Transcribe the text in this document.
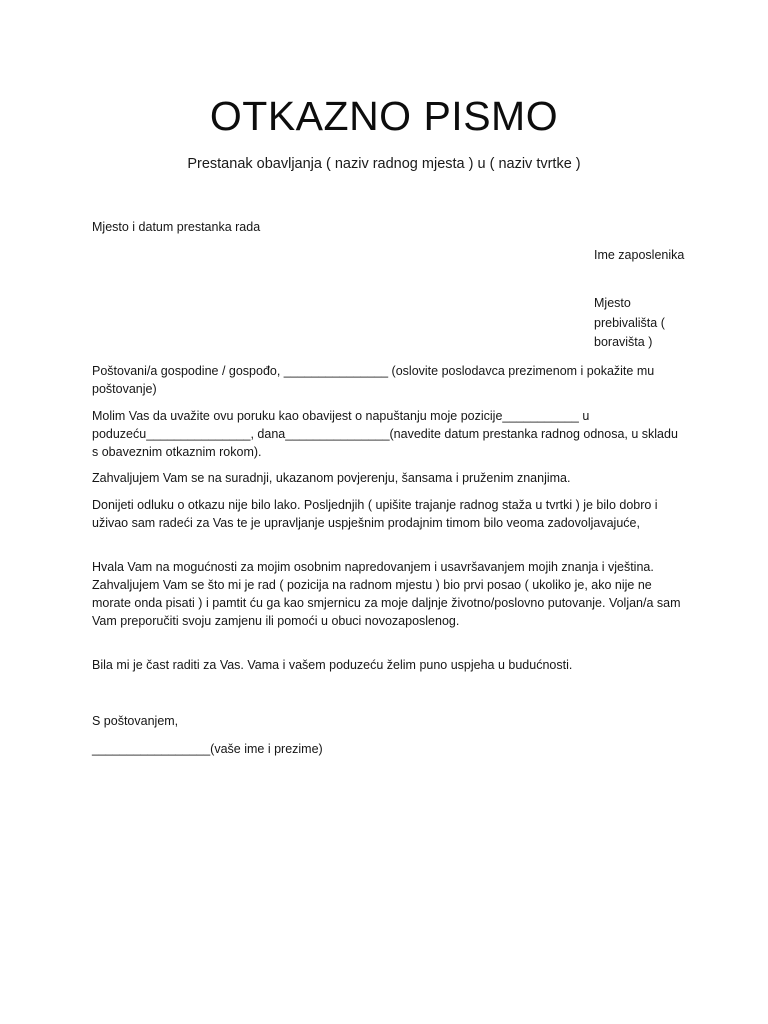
OTKAZNO PISMO
Prestanak obavljanja ( naziv radnog mjesta ) u ( naziv tvrtke )
Mjesto i datum prestanka rada
Ime zaposlenika
Mjesto prebivališta ( boravišta )
Poštovani/a gospodine / gospođo, _______________ (oslovite poslodavca prezimenom i pokažite mu poštovanje)
Molim Vas da uvažite ovu poruku kao obavijest o napuštanju moje pozicije___________ u poduzeću_______________, dana_______________(navedite datum prestanka radnog odnosa, u skladu s obaveznim otkaznim rokom).
Zahvaljujem Vam se na suradnji, ukazanom povjerenju, šansama i pruženim znanjima.
Donijeti odluku o otkazu nije bilo lako. Posljednjih ( upišite trajanje radnog staža u tvrtki ) je bilo dobro i uživao sam radeći za Vas te je upravljanje uspješnim prodajnim timom bilo veoma zadovoljavajuće,
Hvala Vam na mogućnosti za mojim osobnim napredovanjem i usavršavanjem mojih znanja i vještina. Zahvaljujem Vam se što mi je rad ( pozicija na radnom mjestu ) bio prvi posao ( ukoliko je, ako nije ne morate onda pisati ) i pamtit ću ga kao smjernicu za moje daljnje životno/poslovno putovanje. Voljan/a sam Vam preporučiti svoju zamjenu ili pomoći u obuci novozaposlenog.
Bila mi je čast raditi za Vas. Vama i vašem poduzeću želim puno uspjeha u budućnosti.
S poštovanjem,
_________________(vaše ime i prezime)
